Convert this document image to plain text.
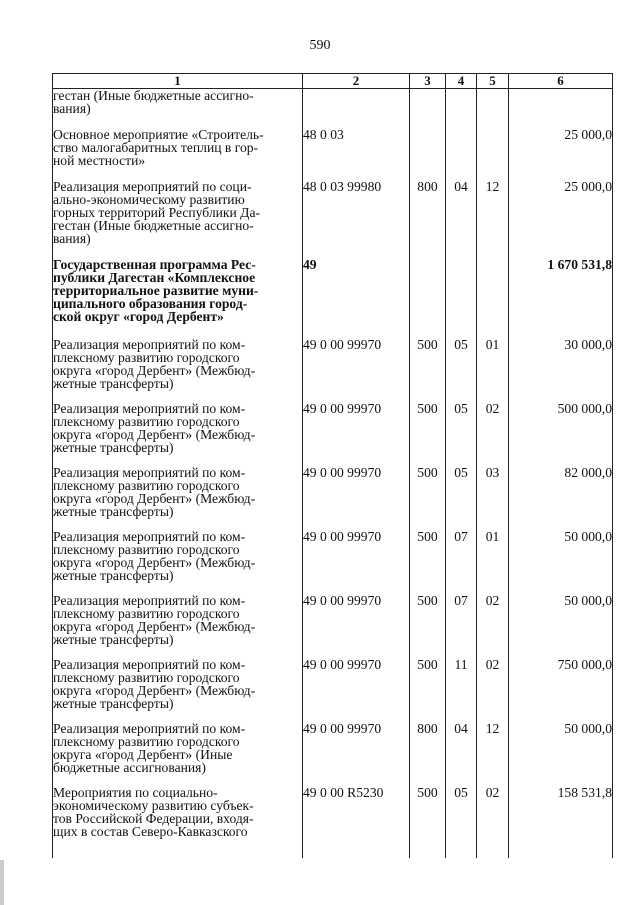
590
1	2	3	4	5	6
гестан (Иные бюджетные ассигно-
вания)					
Основное мероприятие «Строитель-
ство малогабаритных теплиц в гор-
ной местности»	48 0 03				25 000,0
Реализация мероприятий по соци-
ально-экономическому развитию
горных территорий Республики Да-
гестан (Иные бюджетные ассигно-
вания)	48 0 03 99980	800	04	12	25 000,0
Государственная программа Рес-
публики Дагестан «Комплексное
территориальное развитие муни-
ципального образования город-
ской округ «город Дербент»	49				1 670 531,8
Реализация мероприятий по ком-
плексному развитию городского
округа «город Дербент» (Межбюд-
жетные трансферты)	49 0 00 99970	500	05	01	30 000,0
Реализация мероприятий по ком-
плексному развитию городского
округа «город Дербент» (Межбюд-
жетные трансферты)	49 0 00 99970	500	05	02	500 000,0
Реализация мероприятий по ком-
плексному развитию городского
округа «город Дербент» (Межбюд-
жетные трансферты)	49 0 00 99970	500	05	03	82 000,0
Реализация мероприятий по ком-
плексному развитию городского
округа «город Дербент» (Межбюд-
жетные трансферты)	49 0 00 99970	500	07	01	50 000,0
Реализация мероприятий по ком-
плексному развитию городского
округа «город Дербент» (Межбюд-
жетные трансферты)	49 0 00 99970	500	07	02	50 000,0
Реализация мероприятий по ком-
плексному развитию городского
округа «город Дербент» (Межбюд-
жетные трансферты)	49 0 00 99970	500	11	02	750 000,0
Реализация мероприятий по ком-
плексному развитию городского
округа «город Дербент» (Иные
бюджетные ассигнования)	49 0 00 99970	800	04	12	50 000,0
Мероприятия по социально-
экономическому развитию субъек-
тов Российской Федерации, входя-
щих в состав Северо-Кавказского	49 0 00 R5230	500	05	02	158 531,8
